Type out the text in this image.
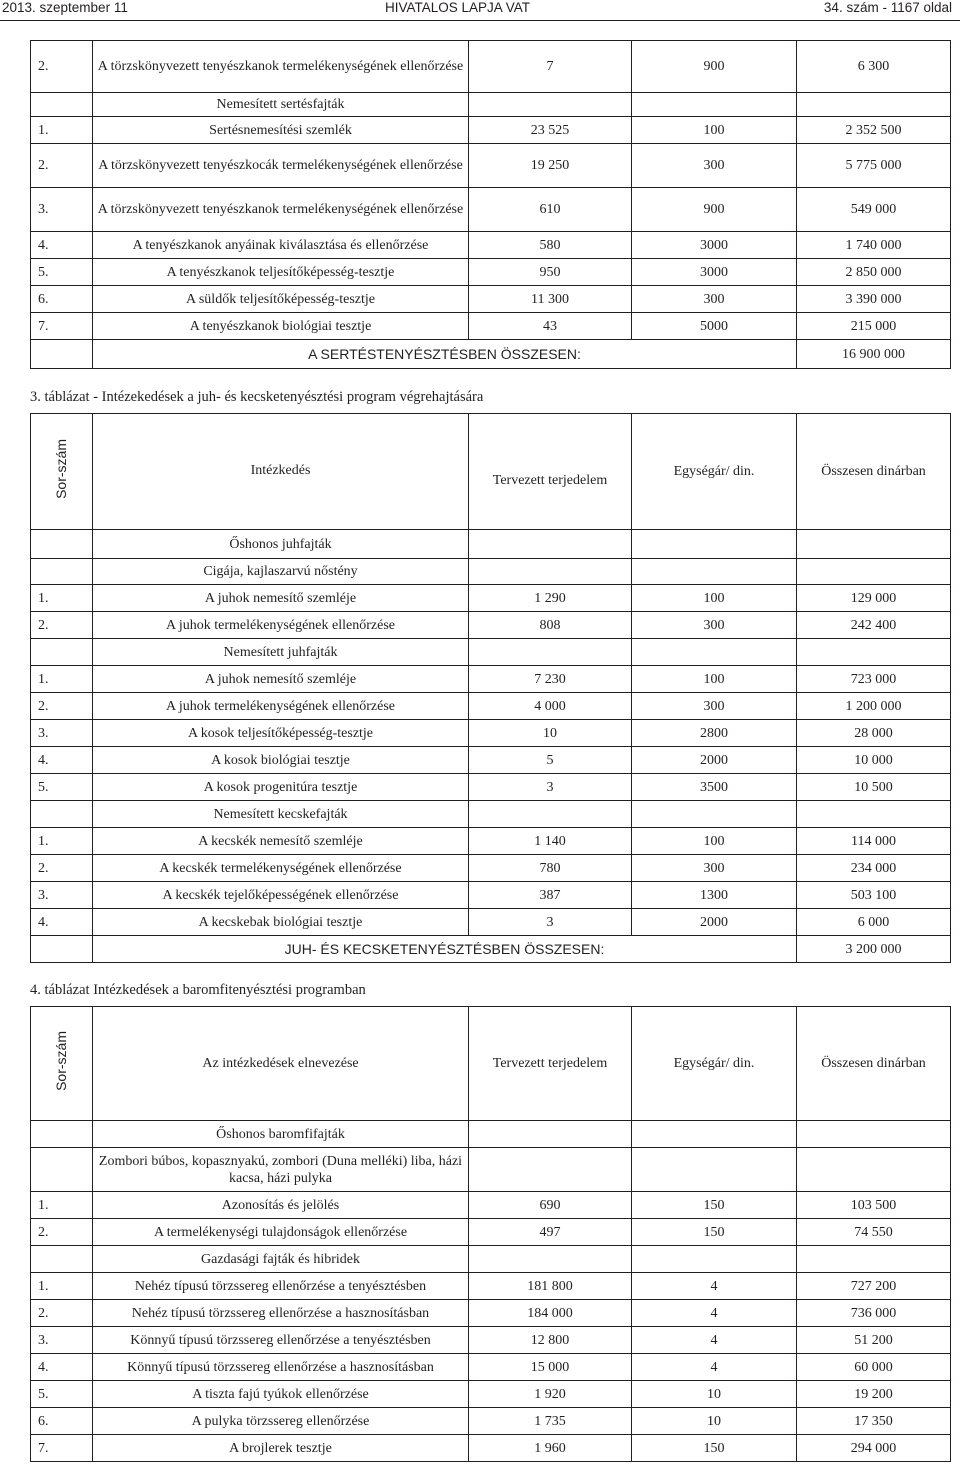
2013. szeptember 11	HIVATALOS LAPJA VAT	34. szám - 1167 oldal
2.	A törzskönyvezett tenyészkanok termelékenységének ellenőrzése	7	900	6 300
	Nemesített sertésfajták			
1.	Sertésnemesítési szemlék	23 525	100	2 352 500
2.	A törzskönyvezett tenyészkocák termelékenységének ellenőrzése	19 250	300	5 775 000
3.	A törzskönyvezett tenyészkanok termelékenységének ellenőrzése	610	900	549 000
4.	A tenyészkanok anyáinak kiválasztása és ellenőrzése	580	3000	1 740 000
5.	A tenyészkanok teljesítőképesség-tesztje	950	3000	2 850 000
6.	A süldők teljesítőképesség-tesztje	11 300	300	3 390 000
7.	A tenyészkanok biológiai tesztje	43	5000	215 000
	A SERTÉSTENYÉSZTÉSBEN ÖSSZESEN:			16 900 000
3. táblázat - Intézekedések a juh- és kecsketenyésztési program végrehajtására
Sor-szám	Intézkedés	Tervezett terjedelem	Egységár/ din.	Összesen dinárban
	Őshonos juhfajták			
	Cigája, kajlaszarvú nőstény			
1.	A juhok nemesítő szemléje	1 290	100	129 000
2.	A juhok termelékenységének ellenőrzése	808	300	242 400
	Nemesített juhfajták			
1.	A juhok nemesítő szemléje	7 230	100	723 000
2.	A juhok termelékenységének ellenőrzése	4 000	300	1 200 000
3.	A kosok teljesítőképesség-tesztje	10	2800	28 000
4.	A kosok biológiai tesztje	5	2000	10 000
5.	A kosok progenitúra tesztje	3	3500	10 500
	Nemesített kecskefajták			
1.	A kecskék nemesítő szemléje	1 140	100	114 000
2.	A kecskék termelékenységének ellenőrzése	780	300	234 000
3.	A kecskék tejelőképességének ellenőrzése	387	1300	503 100
4.	A kecskebak biológiai tesztje	3	2000	6 000
	JUH- ÉS KECSKETENYÉSZTÉSBEN ÖSSZESEN:			3 200 000
4. táblázat Intézkedések a baromfitenyésztési programban
Sor-szám	Az intézkedések elnevezése	Tervezett terjedelem	Egységár/ din.	Összesen dinárban
	Őshonos baromfifajták			
	Zombori búbos, kopasznyakú, zombori (Duna melléki) liba, házi kacsa, házi pulyka			
1.	Azonosítás és jelölés	690	150	103 500
2.	A termelékenységi tulajdonságok ellenőrzése	497	150	74 550
	Gazdasági fajták és hibridek			
1.	Nehéz típusú törzssereg ellenőrzése a tenyésztésben	181 800	4	727 200
2.	Nehéz típusú törzssereg ellenőrzése a hasznosításban	184 000	4	736 000
3.	Könnyű típusú törzssereg ellenőrzése a tenyésztésben	12 800	4	51 200
4.	Könnyű típusú törzssereg ellenőrzése a hasznosításban	15 000	4	60 000
5.	A tiszta fajú tyúkok ellenőrzése	1 920	10	19 200
6.	A pulyka törzssereg ellenőrzése	1 735	10	17 350
7.	A brojlerek tesztje	1 960	150	294 000
